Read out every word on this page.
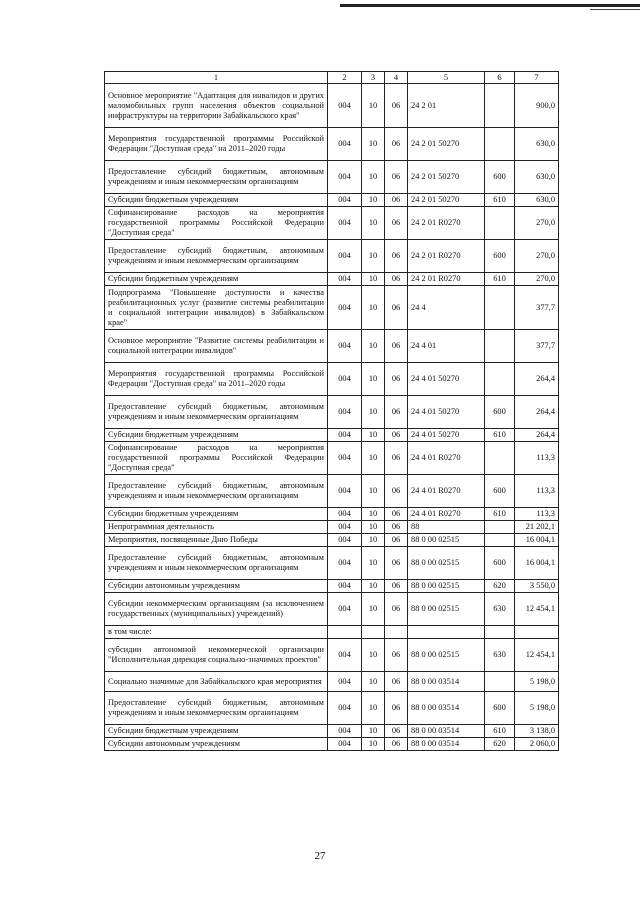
1	2	3	4	5	6	7
Основное мероприятие "Адаптация для инвалидов и других маломобильных групп населения объектов социальной инфраструктуры на территории Забайкальского края"	004	10	06	24 2 01		900,0
Мероприятия государственной программы Российской Федерации "Доступная среда" на 2011–2020 годы	004	10	06	24 2 01 50270		630,0
Предоставление субсидий бюджетным, автономным учреждениям и иным некоммерческим организациям	004	10	06	24 2 01 50270	600	630,0
Субсидии бюджетным учреждениям	004	10	06	24 2 01 50270	610	630,0
Софинансирование расходов на мероприятия государственной программы Российской Федерации "Доступная среда"	004	10	06	24 2 01 R0270		270,0
Предоставление субсидий бюджетным, автономным учреждениям и иным некоммерческим организациям	004	10	06	24 2 01 R0270	600	270,0
Субсидии бюджетным учреждениям	004	10	06	24 2 01 R0270	610	270,0
Подпрограмма "Повышение доступности и качества реабилитационных услуг (развитие системы реабилитации и социальной интеграции инвалидов) в Забайкальском крае"	004	10	06	24 4		377,7
Основное мероприятие "Развитие системы реабилитации и социальной интеграции инвалидов"	004	10	06	24 4 01		377,7
Мероприятия государственной программы Российской Федерации "Доступная среда" на 2011–2020 годы	004	10	06	24 4 01 50270		264,4
Предоставление субсидий бюджетным, автономным учреждениям и иным некоммерческим организациям	004	10	06	24 4 01 50270	600	264,4
Субсидии бюджетным учреждениям	004	10	06	24 4 01 50270	610	264,4
Софинансирование расходов на мероприятия государственной программы Российской Федерации "Доступная среда"	004	10	06	24 4 01 R0270		113,3
Предоставление субсидий бюджетным, автономным учреждениям и иным некоммерческим организациям	004	10	06	24 4 01 R0270	600	113,3
Субсидии бюджетным учреждениям	004	10	06	24 4 01 R0270	610	113,3
Непрограммная деятельность	004	10	06	88		21 202,1
Мероприятия, посвященные Дню Победы	004	10	06	88 0 00 02515		16 004,1
Предоставление субсидий бюджетным, автономным учреждениям и иным некоммерческим организациям	004	10	06	88 0 00 02515	600	16 004,1
Субсидии автономным учреждениям	004	10	06	88 0 00 02515	620	3 550,0
Субсидии некоммерческим организациям (за исключением государственных (муниципальных) учреждений)	004	10	06	88 0 00 02515	630	12 454,1
в том числе:						
субсидии автономной некоммерческой организации "Исполнительная дирекция социально-значимых проектов"	004	10	06	88 0 00 02515	630	12 454,1
Социально значимые для Забайкальского края мероприятия	004	10	06	88 0 00 03514		5 198,0
Предоставление субсидий бюджетным, автономным учреждениям и иным некоммерческим организациям	004	10	06	88 0 00 03514	600	5 198,0
Субсидии бюджетным учреждениям	004	10	06	88 0 00 03514	610	3 138,0
Субсидии автономным учреждениям	004	10	06	88 0 00 03514	620	2 060,0
27
